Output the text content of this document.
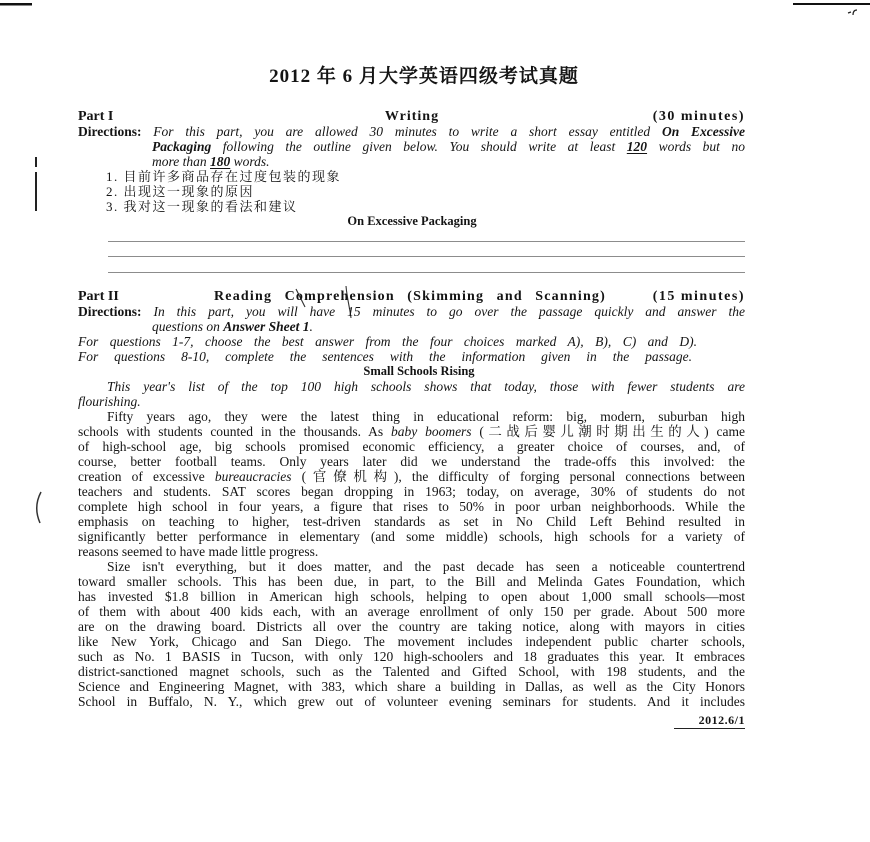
2012 年 6 月大学英语四级考试真题
Part I	Writing	(30 minutes)
Directions: For this part, you are allowed 30 minutes to write a short essay entitled On Excessive
Packaging following the outline given below. You should write at least 120 words but no
more than 180 words.
1. 目前许多商品存在过度包装的现象
2. 出现这一现象的原因
3. 我对这一现象的看法和建议
On Excessive Packaging
Part II	Reading Comprehension (Skimming and Scanning)	(15 minutes)
Directions: In this part, you will have 15 minutes to go over the passage quickly and answer the
questions on Answer Sheet 1.
For questions 1-7, choose the best answer from the four choices marked A), B), C) and D).
For questions 8-10, complete the sentences with the information given in the passage.
Small Schools Rising
This year's list of the top 100 high schools shows that today, those with fewer students are
flourishing.
Fifty years ago, they were the latest thing in educational reform: big, modern, suburban high
schools with students counted in the thousands. As baby boomers (二战后婴儿潮时期出生的人) came
of high-school age, big schools promised economic efficiency, a greater choice of courses, and, of
course, better football teams. Only years later did we understand the trade-offs this involved: the
creation of excessive bureaucracies (官僚机构), the difficulty of forging personal connections between
teachers and students. SAT scores began dropping in 1963; today, on average, 30% of students do not
complete high school in four years, a figure that rises to 50% in poor urban neighborhoods. While the
emphasis on teaching to higher, test-driven standards as set in No Child Left Behind resulted in
significantly better performance in elementary (and some middle) schools, high schools for a variety of
reasons seemed to have made little progress.
Size isn't everything, but it does matter, and the past decade has seen a noticeable countertrend
toward smaller schools. This has been due, in part, to the Bill and Melinda Gates Foundation, which
has invested $1.8 billion in American high schools, helping to open about 1,000 small schools—most
of them with about 400 kids each, with an average enrollment of only 150 per grade. About 500 more
are on the drawing board. Districts all over the country are taking notice, along with mayors in cities
like New York, Chicago and San Diego. The movement includes independent public charter schools,
such as No. 1 BASIS in Tucson, with only 120 high-schoolers and 18 graduates this year. It embraces
district-sanctioned magnet schools, such as the Talented and Gifted School, with 198 students, and the
Science and Engineering Magnet, with 383, which share a building in Dallas, as well as the City Honors
School in Buffalo, N. Y., which grew out of volunteer evening seminars for students. And it includes
2012.6/1
